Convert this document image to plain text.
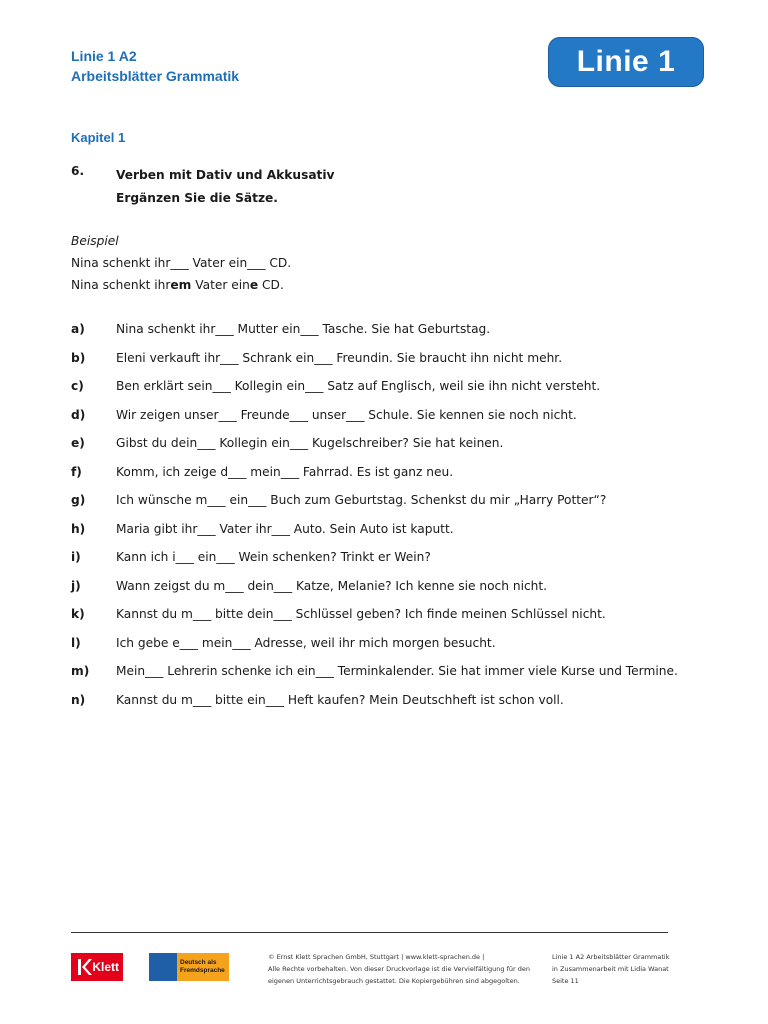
Linie 1 A2
Arbeitsblätter Grammatik	Linie 1
Kapitel 1
6.	Verben mit Dativ und Akkusativ
Ergänzen Sie die Sätze.
Beispiel
Nina schenkt ihr___ Vater ein___ CD.
Nina schenkt ihrem Vater eine CD.
a)	Nina schenkt ihr___ Mutter ein___ Tasche. Sie hat Geburtstag.
b)	Eleni verkauft ihr___ Schrank ein___ Freundin. Sie braucht ihn nicht mehr.
c)	Ben erklärt sein___ Kollegin ein___ Satz auf Englisch, weil sie ihn nicht versteht.
d)	Wir zeigen unser___ Freunde___ unser___ Schule. Sie kennen sie noch nicht.
e)	Gibst du dein___ Kollegin ein___ Kugelschreiber? Sie hat keinen.
f)	Komm, ich zeige d___ mein___ Fahrrad. Es ist ganz neu.
g)	Ich wünsche m___ ein___ Buch zum Geburtstag. Schenkst du mir „Harry Potter“?
h)	Maria gibt ihr___ Vater ihr___ Auto. Sein Auto ist kaputt.
i)	Kann ich i___ ein___ Wein schenken? Trinkt er Wein?
j)	Wann zeigst du m___ dein___ Katze, Melanie? Ich kenne sie noch nicht.
k)	Kannst du m___ bitte dein___ Schlüssel geben? Ich finde meinen Schlüssel nicht.
l)	Ich gebe e___ mein___ Adresse, weil ihr mich morgen besucht.
m)	Mein___ Lehrerin schenke ich ein___ Terminkalender. Sie hat immer viele Kurse und Termine.
n)	Kannst du m___ bitte ein___ Heft kaufen? Mein Deutschheft ist schon voll.
Klett	Deutsch als
Fremdsprache
© Ernst Klett Sprachen GmbH, Stuttgart | www.klett-sprachen.de |
Alle Rechte vorbehalten. Von dieser Druckvorlage ist die Vervielfältigung für den
eigenen Unterrichtsgebrauch gestattet. Die Kopiergebühren sind abgegolten.
Linie 1 A2 Arbeitsblätter Grammatik
in Zusammenarbeit mit Lidia Wanat
Seite 11
